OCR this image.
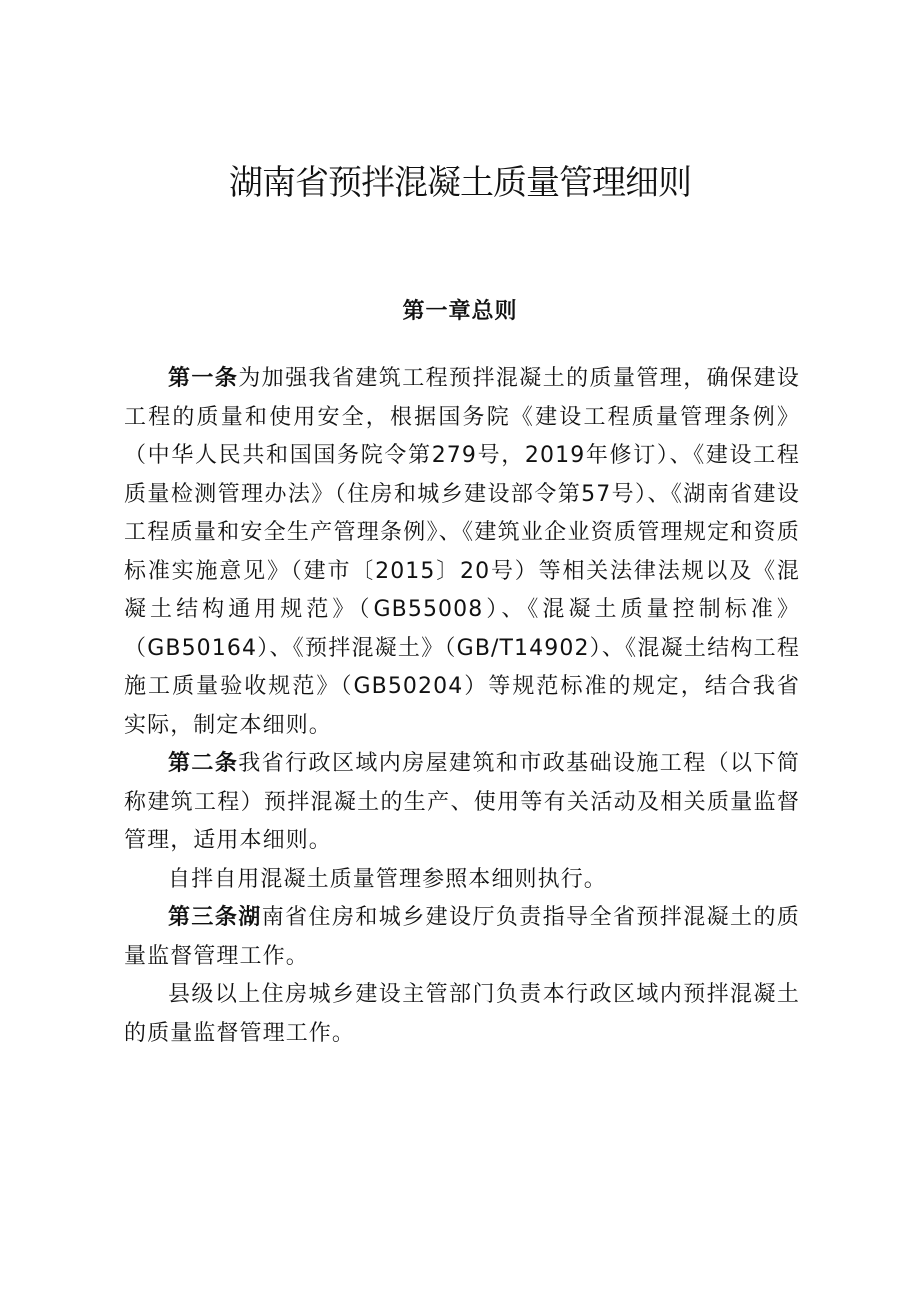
湖南省预拌混凝土质量管理细则
第一章总则

第一条为加强我省建筑工程预拌混凝土的质量管理，确保建设工程的质量和使用安全，根据国务院《建设工程质量管理条例》（中华人民共和国国务院令第279号，2019年修订）、《建设工程质量检测管理办法》（住房和城乡建设部令第57号）、《湖南省建设工程质量和安全生产管理条例》、《建筑业企业资质管理规定和资质标准实施意见》（建市〔2015〕20号）等相关法律法规以及《混凝土结构通用规范》（GB55008）、《混凝土质量控制标准》（GB50164）、《预拌混凝土》（GB/T14902）、《混凝土结构工程施工质量验收规范》（GB50204）等规范标准的规定，结合我省实际，制定本细则。

第二条我省行政区域内房屋建筑和市政基础设施工程（以下简称建筑工程）预拌混凝土的生产、使用等有关活动及相关质量监督管理，适用本细则。

自拌自用混凝土质量管理参照本细则执行。

第三条湖南省住房和城乡建设厅负责指导全省预拌混凝土的质量监督管理工作。

县级以上住房城乡建设主管部门负责本行政区域内预拌混凝土的质量监督管理工作。
